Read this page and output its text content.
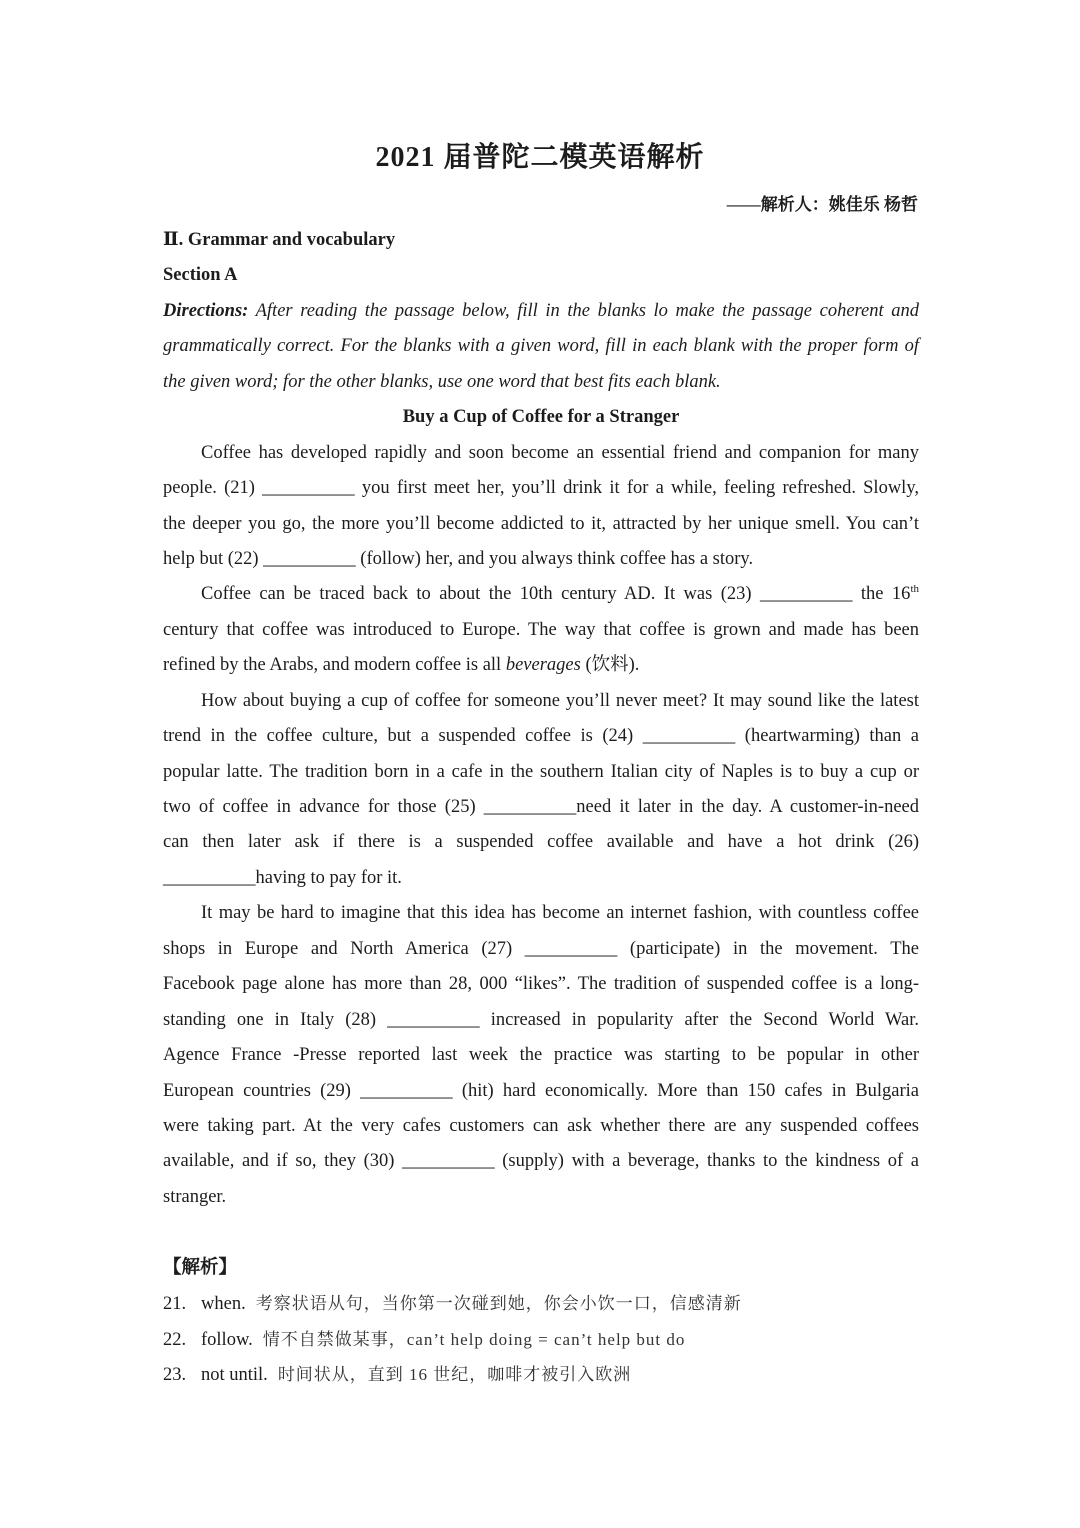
2021 届普陀二模英语解析
——解析人：姚佳乐 杨哲
Ⅱ. Grammar and vocabulary
Section A
Directions: After reading the passage below, fill in the blanks lo make the passage coherent and
grammatically correct. For the blanks with a given word, fill in each blank with the proper form of
the given word; for the other blanks, use one word that best fits each blank.
Buy a Cup of Coffee for a Stranger
Coffee has developed rapidly and soon become an essential friend and companion for many
people. (21) __________ you first meet her, you’ll drink it for a while, feeling refreshed. Slowly,
the deeper you go, the more you’ll become addicted to it, attracted by her unique smell. You can’t
help but (22) __________ (follow) her, and you always think coffee has a story.
Coffee can be traced back to about the 10th century AD. It was (23) __________ the 16th
century that coffee was introduced to Europe. The way that coffee is grown and made has been
refined by the Arabs, and modern coffee is all beverages (饮料).
How about buying a cup of coffee for someone you’ll never meet? It may sound like the latest
trend in the coffee culture, but a suspended coffee is (24) __________ (heartwarming) than a
popular latte. The tradition born in a cafe in the southern Italian city of Naples is to buy a cup or
two of coffee in advance for those (25) __________need it later in the day. A customer-in-need
can then later ask if there is a suspended coffee available and have a hot drink (26)
__________having to pay for it.
It may be hard to imagine that this idea has become an internet fashion, with countless coffee
shops in Europe and North America (27) __________ (participate) in the movement. The
Facebook page alone has more than 28, 000 “likes”. The tradition of suspended coffee is a long-
standing one in Italy (28) __________ increased in popularity after the Second World War.
Agence France -Presse reported last week the practice was starting to be popular in other
European countries (29) __________ (hit) hard economically. More than 150 cafes in Bulgaria
were taking part. At the very cafes customers can ask whether there are any suspended coffees
available, and if so, they (30) __________ (supply) with a beverage, thanks to the kindness of a
stranger.
【解析】
21. when. 考察状语从句，当你第一次碰到她，你会小饮一口，信感清新
22. follow. 情不自禁做某事，can’t help doing = can’t help but do
23. not until. 时间状从，直到 16 世纪，咖啡才被引入欧洲
